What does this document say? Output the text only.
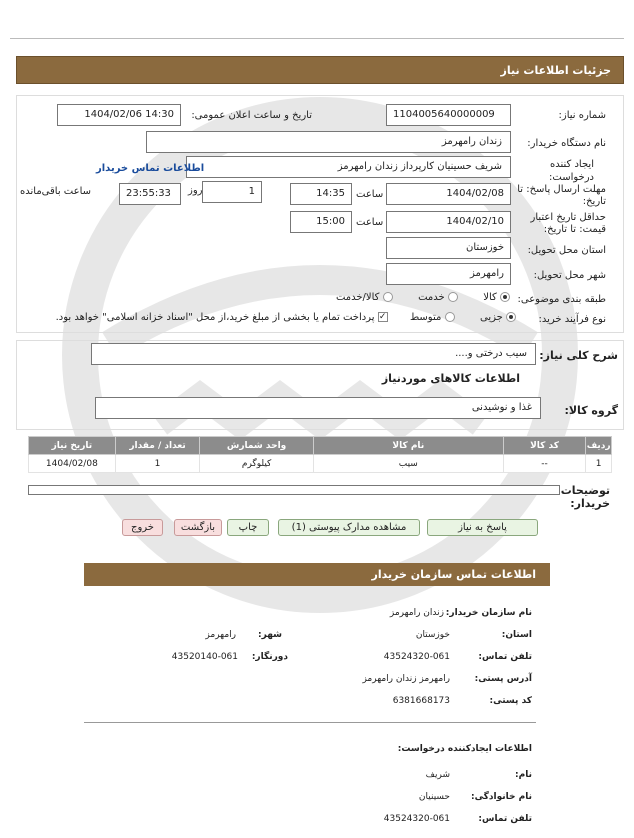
جزئیات اطلاعات نیاز
شماره نیاز:
1104005640000009
تاریخ و ساعت اعلان عمومی:
1404/02/06 14:30
نام دستگاه خریدار:
زندان رامهرمز
ایجاد کننده
درخواست:
شریف حسینیان کارپرداز زندان رامهرمز
اطلاعات تماس خریدار
مهلت ارسال پاسخ: تا
تاریخ:
1404/02/08
ساعت
14:35
1
روز
23:55:33
ساعت باقی‌مانده
حداقل تاریخ اعتبار
قیمت: تا تاریخ:
1404/02/10
ساعت
15:00
استان محل تحویل:
خوزستان
شهر محل تحویل:
رامهرمز
طبقه بندی موضوعی:
کالا         خدمت         کالا/خدمت
نوع فرآیند خرید:
جزیی         متوسط       ✓ پرداخت تمام یا بخشی از مبلغ خرید،از محل "اسناد خزانه اسلامی" خواهد بود.
شرح کلی نیاز:
سیب درختی و....
اطلاعات کالاهای موردنیاز
گروه کالا:
غذا و نوشیدنی
ردیف	کد کالا	نام کالا	واحد شمارش	تعداد / مقدار	تاریخ نیاز
1	--	سیب	کیلوگرم	1	1404/02/08
توضیحات
خریدار:
پاسخ به نیاز
مشاهده مدارک پیوستی (1)
چاپ
بازگشت
خروج
اطلاعات تماس سازمان خریدار
نام سازمان خریدار:
زندان رامهرمز
استان:
خوزستان
شهر:
رامهرمز
تلفن تماس:
43524320-061
دورنگار:
43520140-061
آدرس پستی:
رامهرمز زندان رامهرمز
کد پستی:
6381668173
اطلاعات ایجادکننده درخواست:
نام:
شریف
نام خانوادگی:
حسینیان
تلفن تماس:
43524320-061
